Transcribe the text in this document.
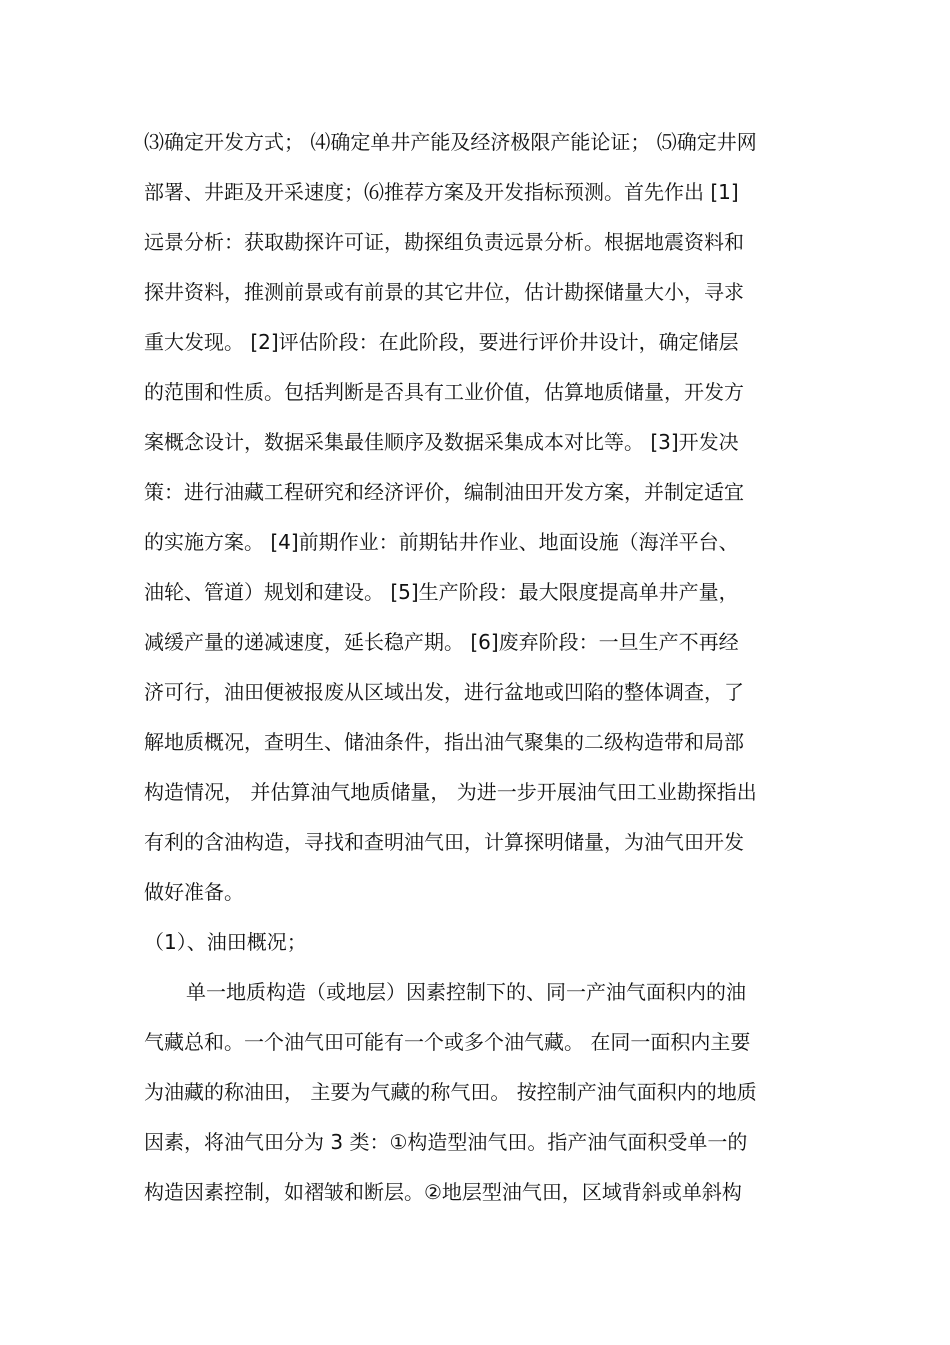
⑶确定开发方式； ⑷确定单井产能及经济极限产能论证； ⑸确定井网
部署、井距及开采速度；⑹推荐方案及开发指标预测。首先作出 [1]
远景分析：获取勘探许可证，勘探组负责远景分析。根据地震资料和
探井资料，推测前景或有前景的其它井位，估计勘探储量大小，寻求
重大发现。 [2]评估阶段：在此阶段，要进行评价井设计，确定储层
的范围和性质。包括判断是否具有工业价值，估算地质储量，开发方
案概念设计，数据采集最佳顺序及数据采集成本对比等。 [3]开发决
策：进行油藏工程研究和经济评价，编制油田开发方案，并制定适宜
的实施方案。 [4]前期作业：前期钻井作业、地面设施（海洋平台、
油轮、管道）规划和建设。 [5]生产阶段：最大限度提高单井产量，
减缓产量的递减速度，延长稳产期。 [6]废弃阶段：一旦生产不再经
济可行，油田便被报废从区域出发，进行盆地或凹陷的整体调查，了
解地质概况，查明生、储油条件，指出油气聚集的二级构造带和局部
构造情况， 并估算油气地质储量， 为进一步开展油气田工业勘探指出
有利的含油构造，寻找和查明油气田，计算探明储量，为油气田开发
做好准备。
（1）、油田概况；
单一地质构造（或地层）因素控制下的、同一产油气面积内的油
气藏总和。一个油气田可能有一个或多个油气藏。 在同一面积内主要
为油藏的称油田， 主要为气藏的称气田。 按控制产油气面积内的地质
因素，将油气田分为 3 类：①构造型油气田。指产油气面积受单一的
构造因素控制，如褶皱和断层。②地层型油气田，区域背斜或单斜构
